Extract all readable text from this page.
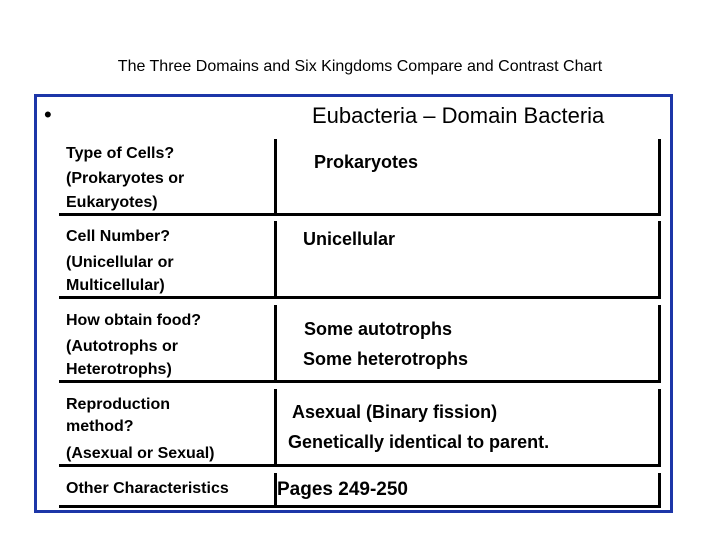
The Three Domains and Six Kingdoms Compare and Contrast Chart
•	Eubacteria – Domain Bacteria
Type of Cells?
(Prokaryotes or
Eukaryotes)
Prokaryotes
Cell Number?
(Unicellular or
Multicellular)
Unicellular
How obtain food?
(Autotrophs or
Heterotrophs)
Some autotrophs
Some heterotrophs
Reproduction
method?
(Asexual or Sexual)
Asexual (Binary fission)
Genetically identical to parent.
Other Characteristics	Pages 249-250
